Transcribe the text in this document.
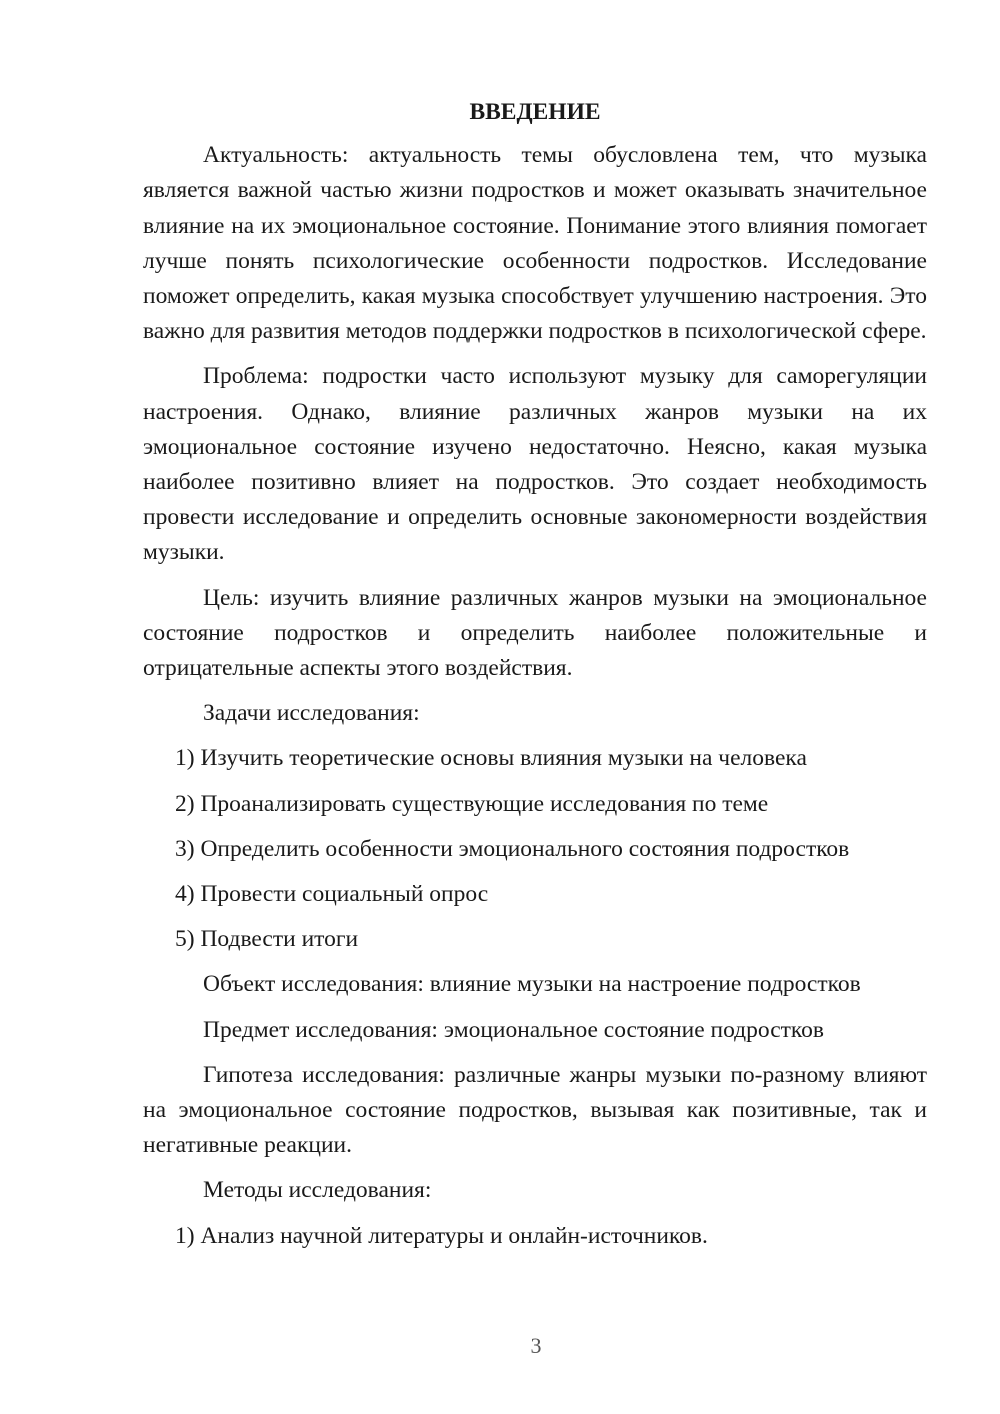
ВВЕДЕНИЕ

Актуальность: актуальность темы обусловлена тем, что музыка является важной частью жизни подростков и может оказывать значительное влияние на их эмоциональное состояние. Понимание этого влияния помогает лучше понять психологические особенности подростков. Исследование поможет определить, какая музыка способствует улучшению настроения. Это важно для развития методов поддержки подростков в психологической сфере.

Проблема: подростки часто используют музыку для саморегуляции настроения. Однако, влияние различных жанров музыки на их эмоциональное состояние изучено недостаточно. Неясно, какая музыка наиболее позитивно влияет на подростков. Это создает необходимость провести исследование и определить основные закономерности воздействия музыки.

Цель: изучить влияние различных жанров музыки на эмоциональное состояние подростков и определить наиболее положительные и отрицательные аспекты этого воздействия.

Задачи исследования:

1) Изучить теоретические основы влияния музыки на человека

2) Проанализировать существующие исследования по теме

3) Определить особенности эмоционального состояния подростков

4) Провести социальный опрос

5) Подвести итоги

Объект исследования: влияние музыки на настроение подростков

Предмет исследования: эмоциональное состояние подростков

Гипотеза исследования: различные жанры музыки по-разному влияют на эмоциональное состояние подростков, вызывая как позитивные, так и негативные реакции.

Методы исследования:

1) Анализ научной литературы и онлайн-источников.

3
